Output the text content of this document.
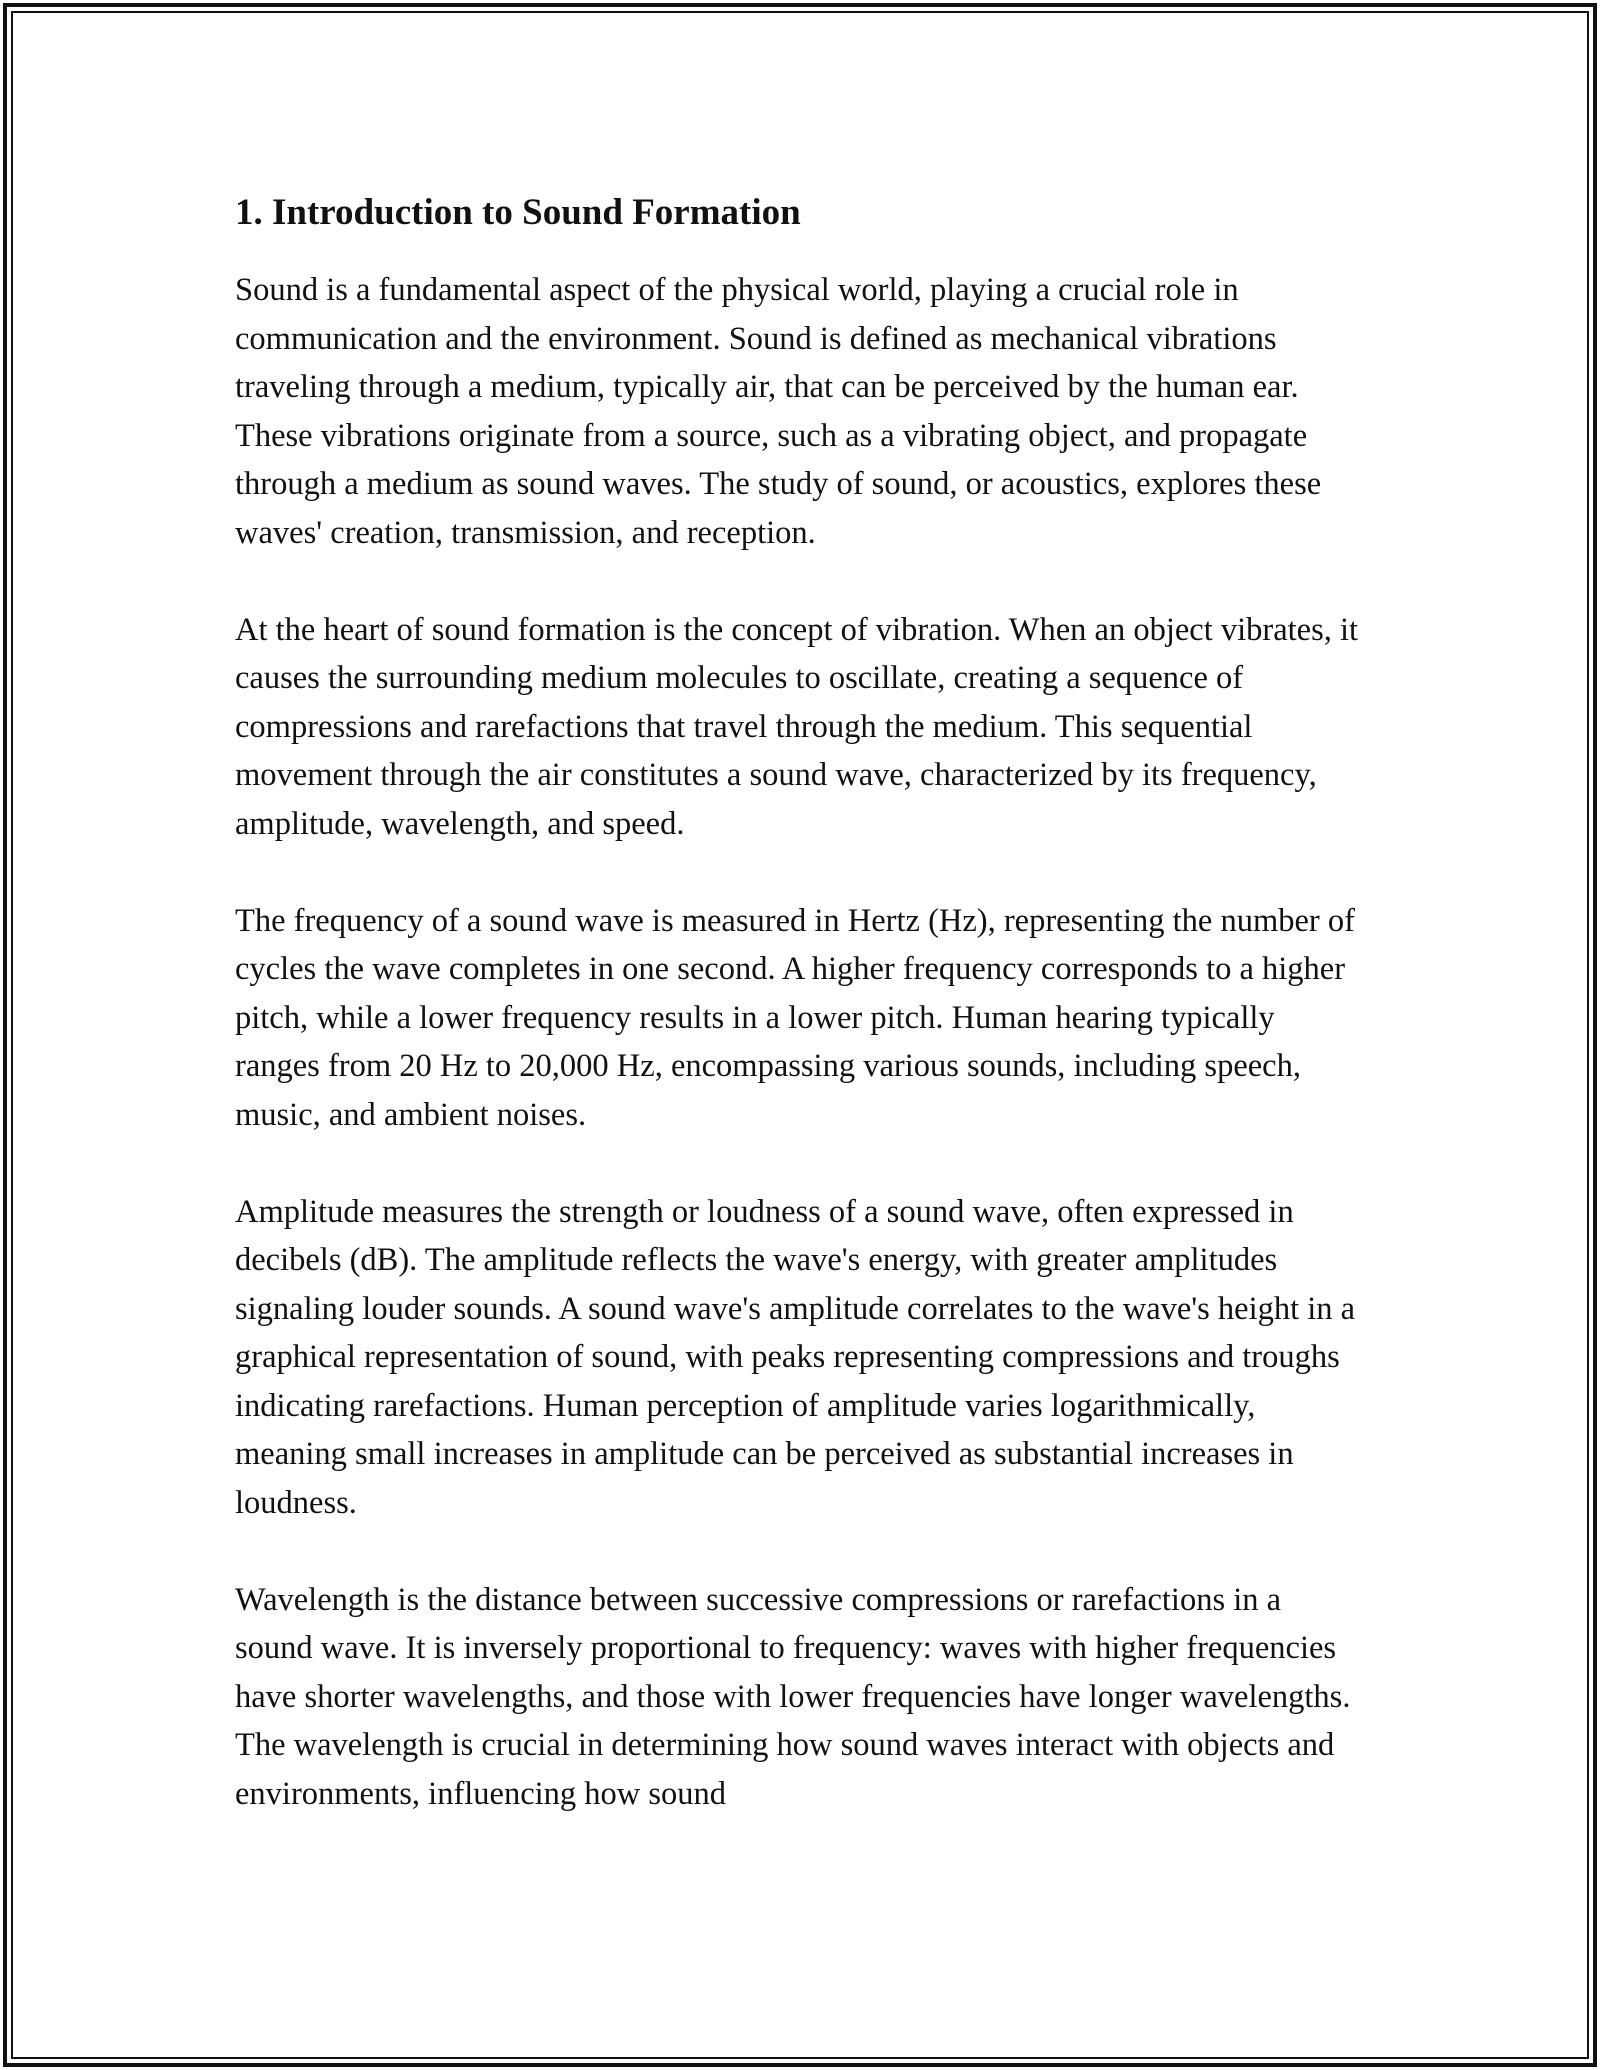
1. Introduction to Sound Formation

Sound is a fundamental aspect of the physical world, playing a crucial role in communication and the environment. Sound is defined as mechanical vibrations traveling through a medium, typically air, that can be perceived by the human ear. These vibrations originate from a source, such as a vibrating object, and propagate through a medium as sound waves. The study of sound, or acoustics, explores these waves' creation, transmission, and reception.

At the heart of sound formation is the concept of vibration. When an object vibrates, it causes the surrounding medium molecules to oscillate, creating a sequence of compressions and rarefactions that travel through the medium. This sequential movement through the air constitutes a sound wave, characterized by its frequency, amplitude, wavelength, and speed.

The frequency of a sound wave is measured in Hertz (Hz), representing the number of cycles the wave completes in one second. A higher frequency corresponds to a higher pitch, while a lower frequency results in a lower pitch. Human hearing typically ranges from 20 Hz to 20,000 Hz, encompassing various sounds, including speech, music, and ambient noises.

Amplitude measures the strength or loudness of a sound wave, often expressed in decibels (dB). The amplitude reflects the wave's energy, with greater amplitudes signaling louder sounds. A sound wave's amplitude correlates to the wave's height in a graphical representation of sound, with peaks representing compressions and troughs indicating rarefactions. Human perception of amplitude varies logarithmically, meaning small increases in amplitude can be perceived as substantial increases in loudness.

Wavelength is the distance between successive compressions or rarefactions in a sound wave. It is inversely proportional to frequency: waves with higher frequencies have shorter wavelengths, and those with lower frequencies have longer wavelengths. The wavelength is crucial in determining how sound waves interact with objects and environments, influencing how sound
